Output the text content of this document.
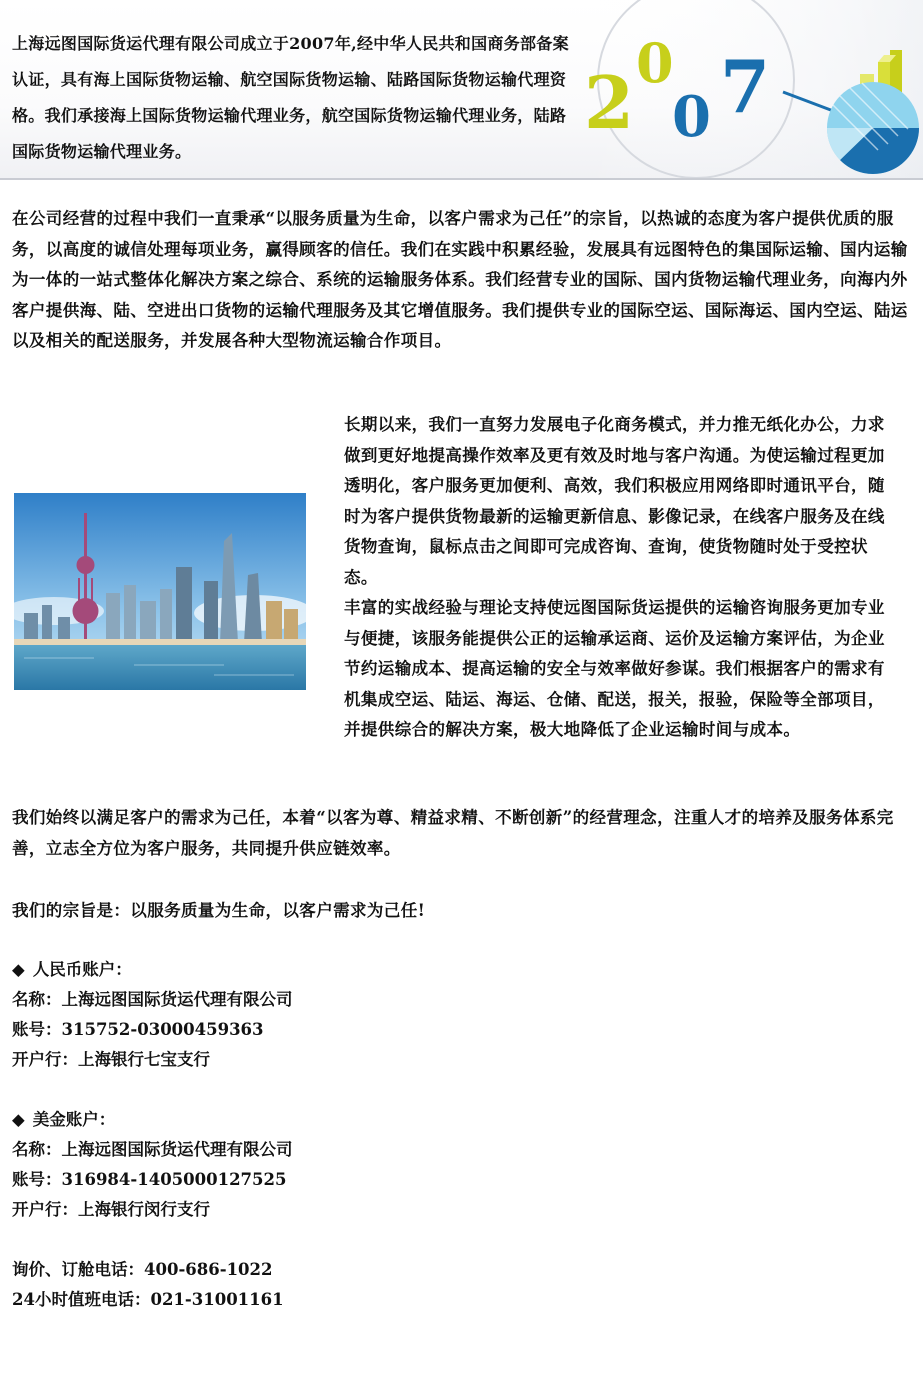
上海远图国际货运代理有限公司成立于2007年,经中华人民共和国商务部备案认证，具有海上国际货物运输、航空国际货物运输、陆路国际货物运输代理资格。我们承接海上国际货物运输代理业务，航空国际货物运输代理业务，陆路国际货物运输代理业务。
2 0
0 7
在公司经营的过程中我们一直秉承“以服务质量为生命，以客户需求为己任”的宗旨，以热诚的态度为客户提供优质的服务，以高度的诚信处理每项业务，赢得顾客的信任。我们在实践中积累经验，发展具有远图特色的集国际运输、国内运输为一体的一站式整体化解决方案之综合、系统的运输服务体系。我们经营专业的国际、国内货物运输代理业务，向海内外客户提供海、陆、空进出口货物的运输代理服务及其它增值服务。我们提供专业的国际空运、国际海运、国内空运、陆运以及相关的配送服务，并发展各种大型物流运输合作项目。
长期以来，我们一直努力发展电子化商务模式，并力推无纸化办公，力求做到更好地提高操作效率及更有效及时地与客户沟通。为使运输过程更加透明化，客户服务更加便利、高效，我们积极应用网络即时通讯平台，随时为客户提供货物最新的运输更新信息、影像记录，在线客户服务及在线货物查询，鼠标点击之间即可完成咨询、查询，使货物随时处于受控状态。
丰富的实战经验与理论支持使远图国际货运提供的运输咨询服务更加专业与便捷，该服务能提供公正的运输承运商、运价及运输方案评估，为企业节约运输成本、提高运输的安全与效率做好参谋。我们根据客户的需求有机集成空运、陆运、海运、仓储、配送，报关，报验，保险等全部项目，并提供综合的解决方案，极大地降低了企业运输时间与成本。
我们始终以满足客户的需求为己任，本着“以客为尊、精益求精、不断创新”的经营理念，注重人才的培养及服务体系完善，立志全方位为客户服务，共同提升供应链效率。
我们的宗旨是：以服务质量为生命，以客户需求为己任!
◆ 人民币账户：
名称：上海远图国际货运代理有限公司
账号：315752-03000459363
开户行：上海银行七宝支行
◆ 美金账户：
名称：上海远图国际货运代理有限公司
账号：316984-1405000127525
开户行：上海银行闵行支行
询价、订舱电话：400-686-1022
24小时值班电话：021-31001161
